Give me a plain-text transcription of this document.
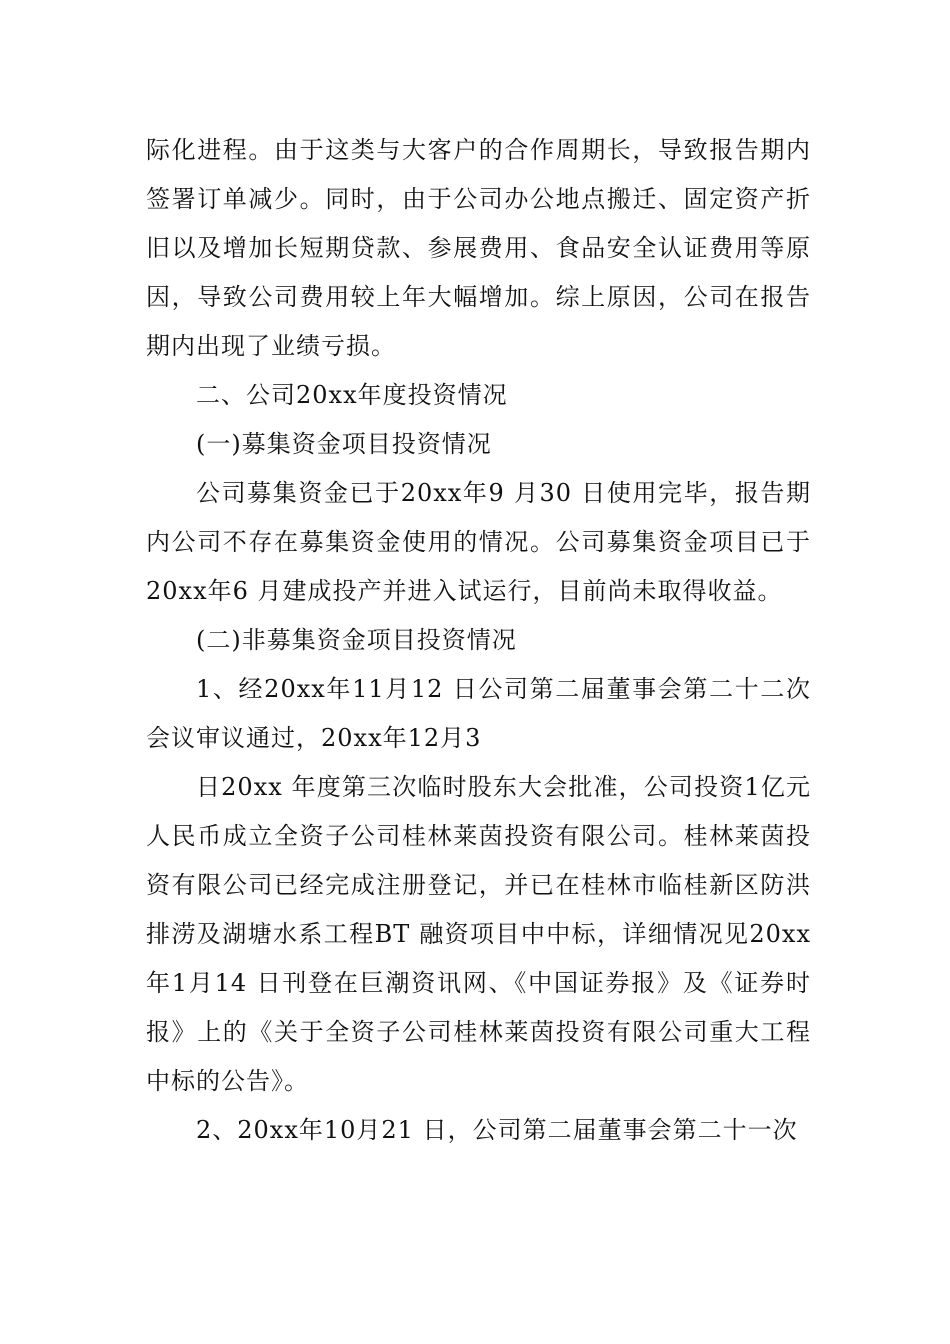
际化进程。由于这类与大客户的合作周期长，导致报告期内签署订单减少。同时，由于公司办公地点搬迁、固定资产折旧以及增加长短期贷款、参展费用、食品安全认证费用等原因，导致公司费用较上年大幅增加。综上原因，公司在报告期内出现了业绩亏损。

二、公司20xx年度投资情况

(一)募集资金项目投资情况

公司募集资金已于20xx年9 月30 日使用完毕，报告期内公司不存在募集资金使用的情况。公司募集资金项目已于20xx年6 月建成投产并进入试运行，目前尚未取得收益。

(二)非募集资金项目投资情况

1、经20xx年11月12 日公司第二届董事会第二十二次会议审议通过，20xx年12月3

日20xx 年度第三次临时股东大会批准，公司投资1亿元人民币成立全资子公司桂林莱茵投资有限公司。桂林莱茵投资有限公司已经完成注册登记，并已在桂林市临桂新区防洪排涝及湖塘水系工程BT 融资项目中中标，详细情况见20xx年1月14 日刊登在巨潮资讯网、《中国证券报》及《证券时报》上的《关于全资子公司桂林莱茵投资有限公司重大工程中标的公告》。

2、20xx年10月21 日，公司第二届董事会第二十一次
